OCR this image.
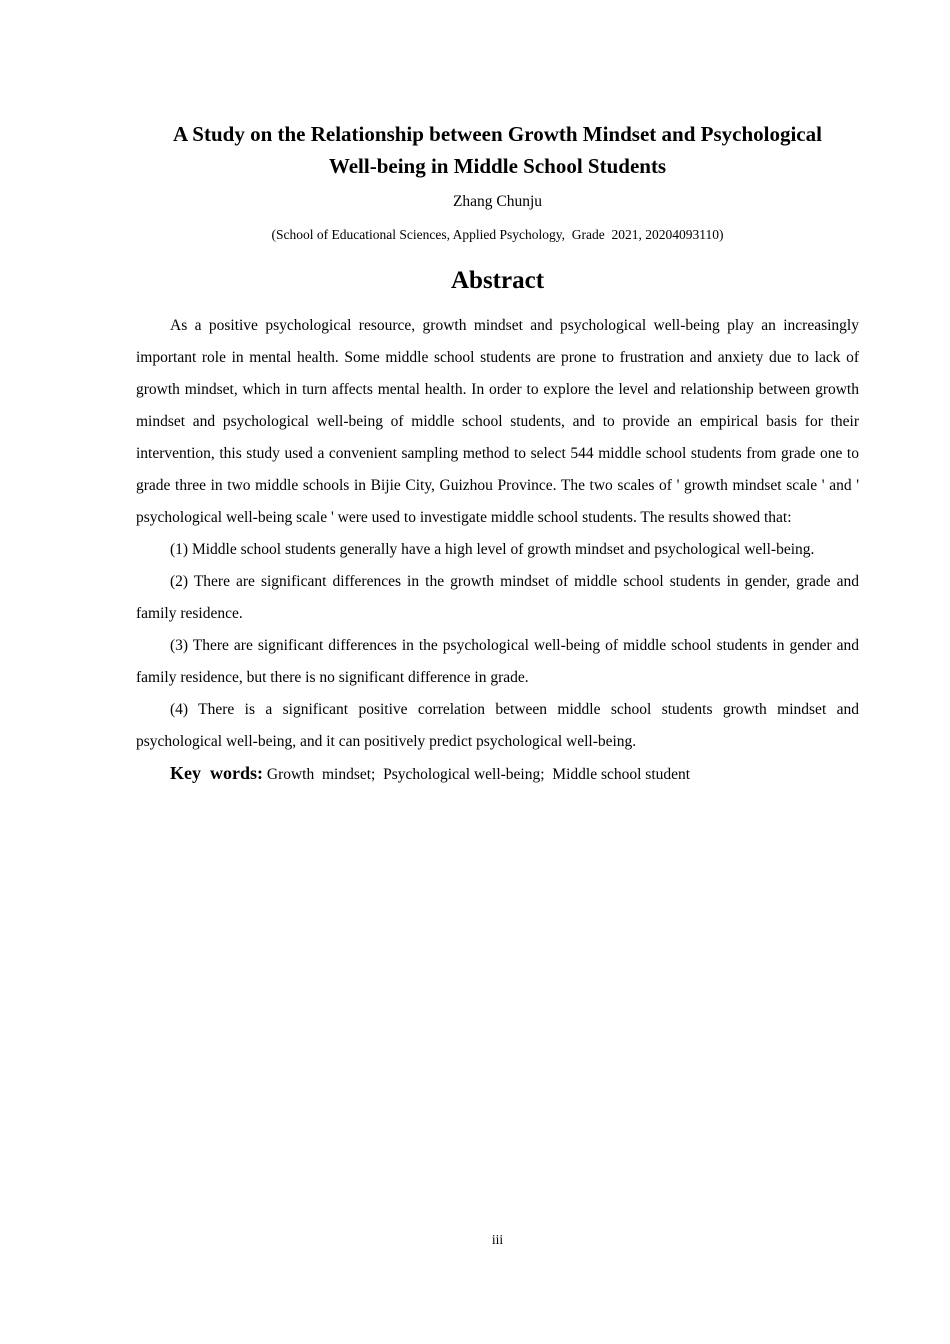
A Study on the Relationship between Growth Mindset and Psychological
Well-being in Middle School Students
Zhang Chunju
(School of Educational Sciences, Applied Psychology,  Grade  2021, 20204093110)
Abstract

As a positive psychological resource, growth mindset and psychological well-being play an increasingly important role in mental health. Some middle school students are prone to frustration and anxiety due to lack of growth mindset, which in turn affects mental health. In order to explore the level and relationship between growth mindset and psychological well-being of middle school students, and to provide an empirical basis for their intervention, this study used a convenient sampling method to select 544 middle school students from grade one to grade three in two middle schools in Bijie City, Guizhou Province. The two scales of ' growth mindset scale ' and ' psychological well-being scale ' were used to investigate middle school students. The results showed that:

(1) Middle school students generally have a high level of growth mindset and psychological well-being.

(2) There are significant differences in the growth mindset of middle school students in gender, grade and family residence.

(3) There are significant differences in the psychological well-being of middle school students in gender and family residence, but there is no significant difference in grade.

(4) There is a significant positive correlation between middle school students growth mindset and psychological well-being, and it can positively predict psychological well-being.

Key  words: Growth  mindset;  Psychological well-being;  Middle school student

iii
